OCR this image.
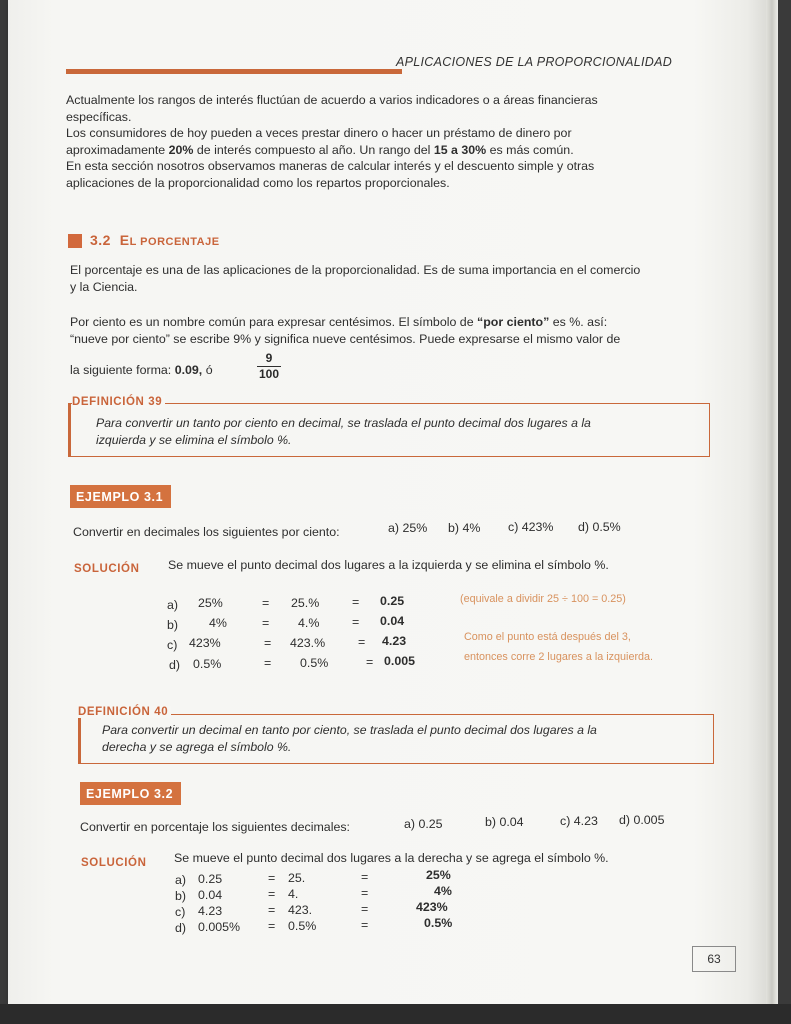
APLICACIONES DE LA PROPORCIONALIDAD
Actualmente los rangos de interés fluctúan de acuerdo a varios indicadores o a áreas financieras
específicas.
Los consumidores de hoy pueden a veces prestar dinero o hacer un préstamo de dinero por
aproximadamente 20% de interés compuesto al año. Un rango del 15 a 30% es más común.
En esta sección nosotros observamos maneras de calcular interés y el descuento simple y otras
aplicaciones de la proporcionalidad como los repartos proporcionales.
3.2 EL PORCENTAJE
El porcentaje es una de las aplicaciones de la proporcionalidad. Es de suma importancia en el comercio
y la Ciencia.
Por ciento es un nombre común para expresar centésimos. El símbolo de “por ciento” es %. así:
“nueve por ciento” se escribe 9% y significa nueve centésimos. Puede expresarse el mismo valor de
la siguiente forma: 0.09, ó	$\frac{9}{100}$
DEFINICIÓN 39
Para convertir un tanto por ciento en decimal, se traslada el punto decimal dos lugares a la
izquierda y se elimina el símbolo %.
EJEMPLO 3.1
Convertir en decimales los siguientes por ciento:	a) 25% b) 4% c) 423% d) 0.5%
SOLUCIÓN Se mueve el punto decimal dos lugares a la izquierda y se elimina el símbolo %.
a) 25%	= 25.%	= 0.25
b) 4%	= 4.%	= 0.04
c) 423%	= 423.%	= 4.23
d) 0.5%	= 0.5%	= 0.005
(equivale a dividir 25 ÷ 100 = 0.25)
Como el punto está después del 3,
entonces corre 2 lugares a la izquierda.
DEFINICIÓN 40
Para convertir un decimal en tanto por ciento, se traslada el punto decimal dos lugares a la
derecha y se agrega el símbolo %.
EJEMPLO 3.2
Convertir en porcentaje los siguientes decimales:	a) 0.25	b) 0.04	c) 4.23 d) 0.005
SOLUCIÓN Se mueve el punto decimal dos lugares a la derecha y se agrega el símbolo %.
a) 0.25	= 25.	=	25%
b) 0.04	= 4.	=	4%
c) 4.23	= 423.	=	423%
d) 0.005% = 0.5%	=	0.5%
63
